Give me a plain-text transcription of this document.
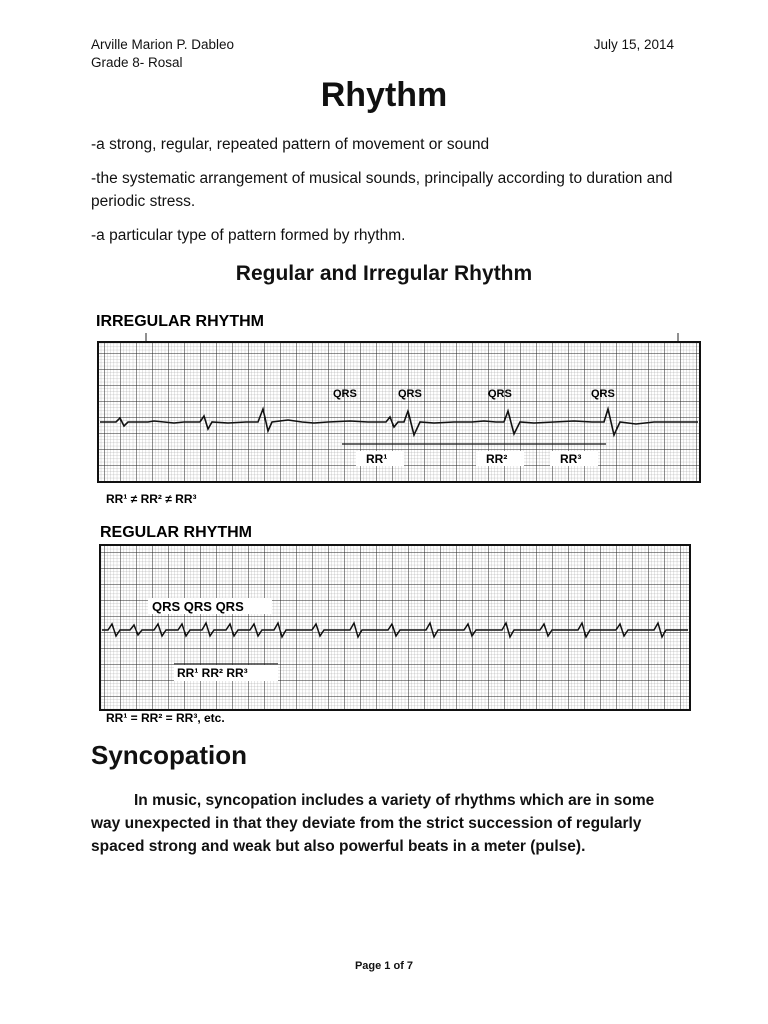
Arville Marion P. Dableo
Grade 8- Rosal
July 15, 2014
Rhythm
-a strong, regular, repeated pattern of movement or sound
-the systematic arrangement of musical sounds, principally according to duration and periodic stress.
-a particular type of pattern formed by rhythm.
Regular and Irregular Rhythm
IRREGULAR RHYTHM
QRS	QRS	QRS	QRS
RR¹	RR²	RR³
RR¹ ≠ RR² ≠ RR³
REGULAR RHYTHM
QRS QRS QRS
RR¹ RR² RR³
RR¹ = RR² = RR³, etc.
Syncopation
In music, syncopation includes a variety of rhythms which are in some way unexpected in that they deviate from the strict succession of regularly spaced strong and weak but also powerful beats in a meter (pulse).
Page 1 of 7
